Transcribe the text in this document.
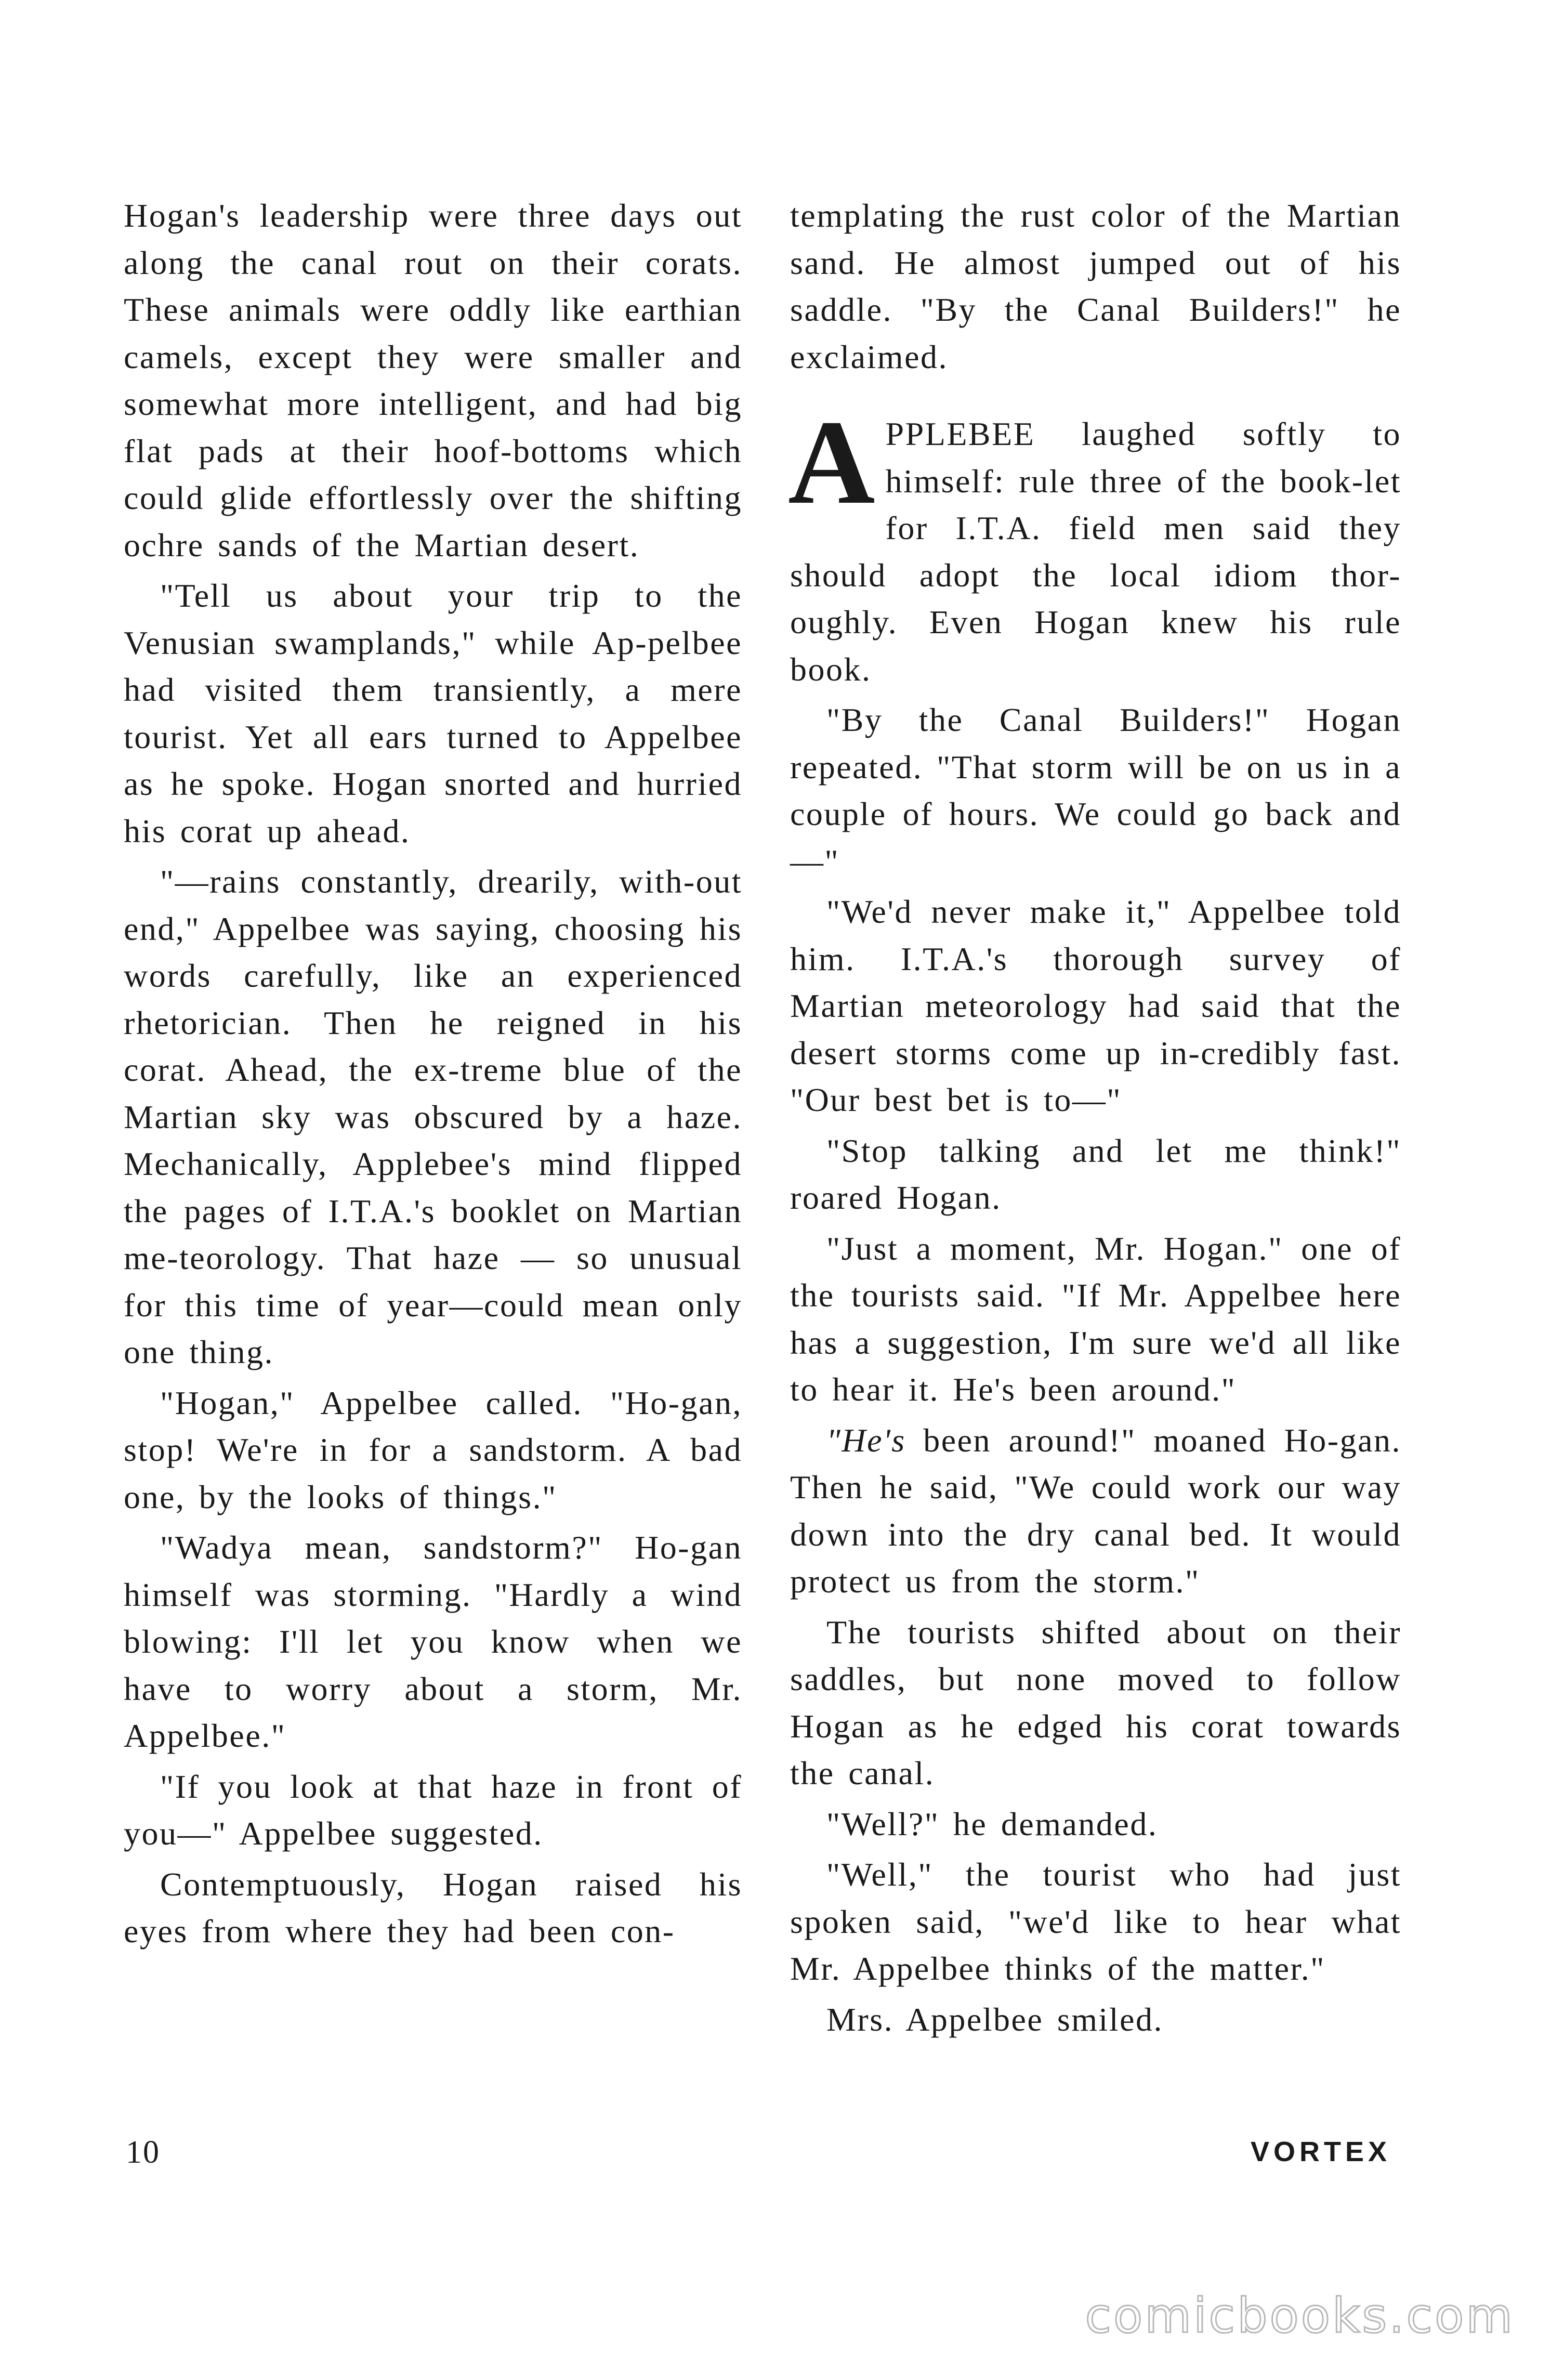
Hogan's leadership were three days out along the canal rout on their corats. These animals were oddly like earthian camels, except they were smaller and somewhat more intelligent, and had big flat pads at their hoof-bottoms which could glide effortlessly over the shifting ochre sands of the Martian desert.

"Tell us about your trip to the Venusian swamplands," while Ap-pelbee had visited them transiently, a mere tourist. Yet all ears turned to Appelbee as he spoke. Hogan snorted and hurried his corat up ahead.

"—rains constantly, drearily, with-out end," Appelbee was saying, choosing his words carefully, like an experienced rhetorician. Then he reigned in his corat. Ahead, the ex-treme blue of the Martian sky was obscured by a haze. Mechanically, Applebee's mind flipped the pages of I.T.A.'s booklet on Martian me-teorology. That haze — so unusual for this time of year—could mean only one thing.

"Hogan," Appelbee called. "Ho-gan, stop! We're in for a sandstorm. A bad one, by the looks of things."

"Wadya mean, sandstorm?" Ho-gan himself was storming. "Hardly a wind blowing: I'll let you know when we have to worry about a storm, Mr. Appelbee."

"If you look at that haze in front of you—" Appelbee suggested.

Contemptuously, Hogan raised his eyes from where they had been con-

templating the rust color of the Martian sand. He almost jumped out of his saddle. "By the Canal Builders!" he exclaimed.

APPLEBEE laughed softly to himself: rule three of the book-let for I.T.A. field men said they should adopt the local idiom thor-oughly. Even Hogan knew his rule book.

"By the Canal Builders!" Hogan repeated. "That storm will be on us in a couple of hours. We could go back and—"

"We'd never make it," Appelbee told him. I.T.A.'s thorough survey of Martian meteorology had said that the desert storms come up in-credibly fast. "Our best bet is to—"

"Stop talking and let me think!" roared Hogan.

"Just a moment, Mr. Hogan." one of the tourists said. "If Mr. Appelbee here has a suggestion, I'm sure we'd all like to hear it. He's been around."

"He's been around!" moaned Ho-gan. Then he said, "We could work our way down into the dry canal bed. It would protect us from the storm."

The tourists shifted about on their saddles, but none moved to follow Hogan as he edged his corat towards the canal.

"Well?" he demanded.

"Well," the tourist who had just spoken said, "we'd like to hear what Mr. Appelbee thinks of the matter."

Mrs. Appelbee smiled.

10	VORTEX
comicbooks.com
